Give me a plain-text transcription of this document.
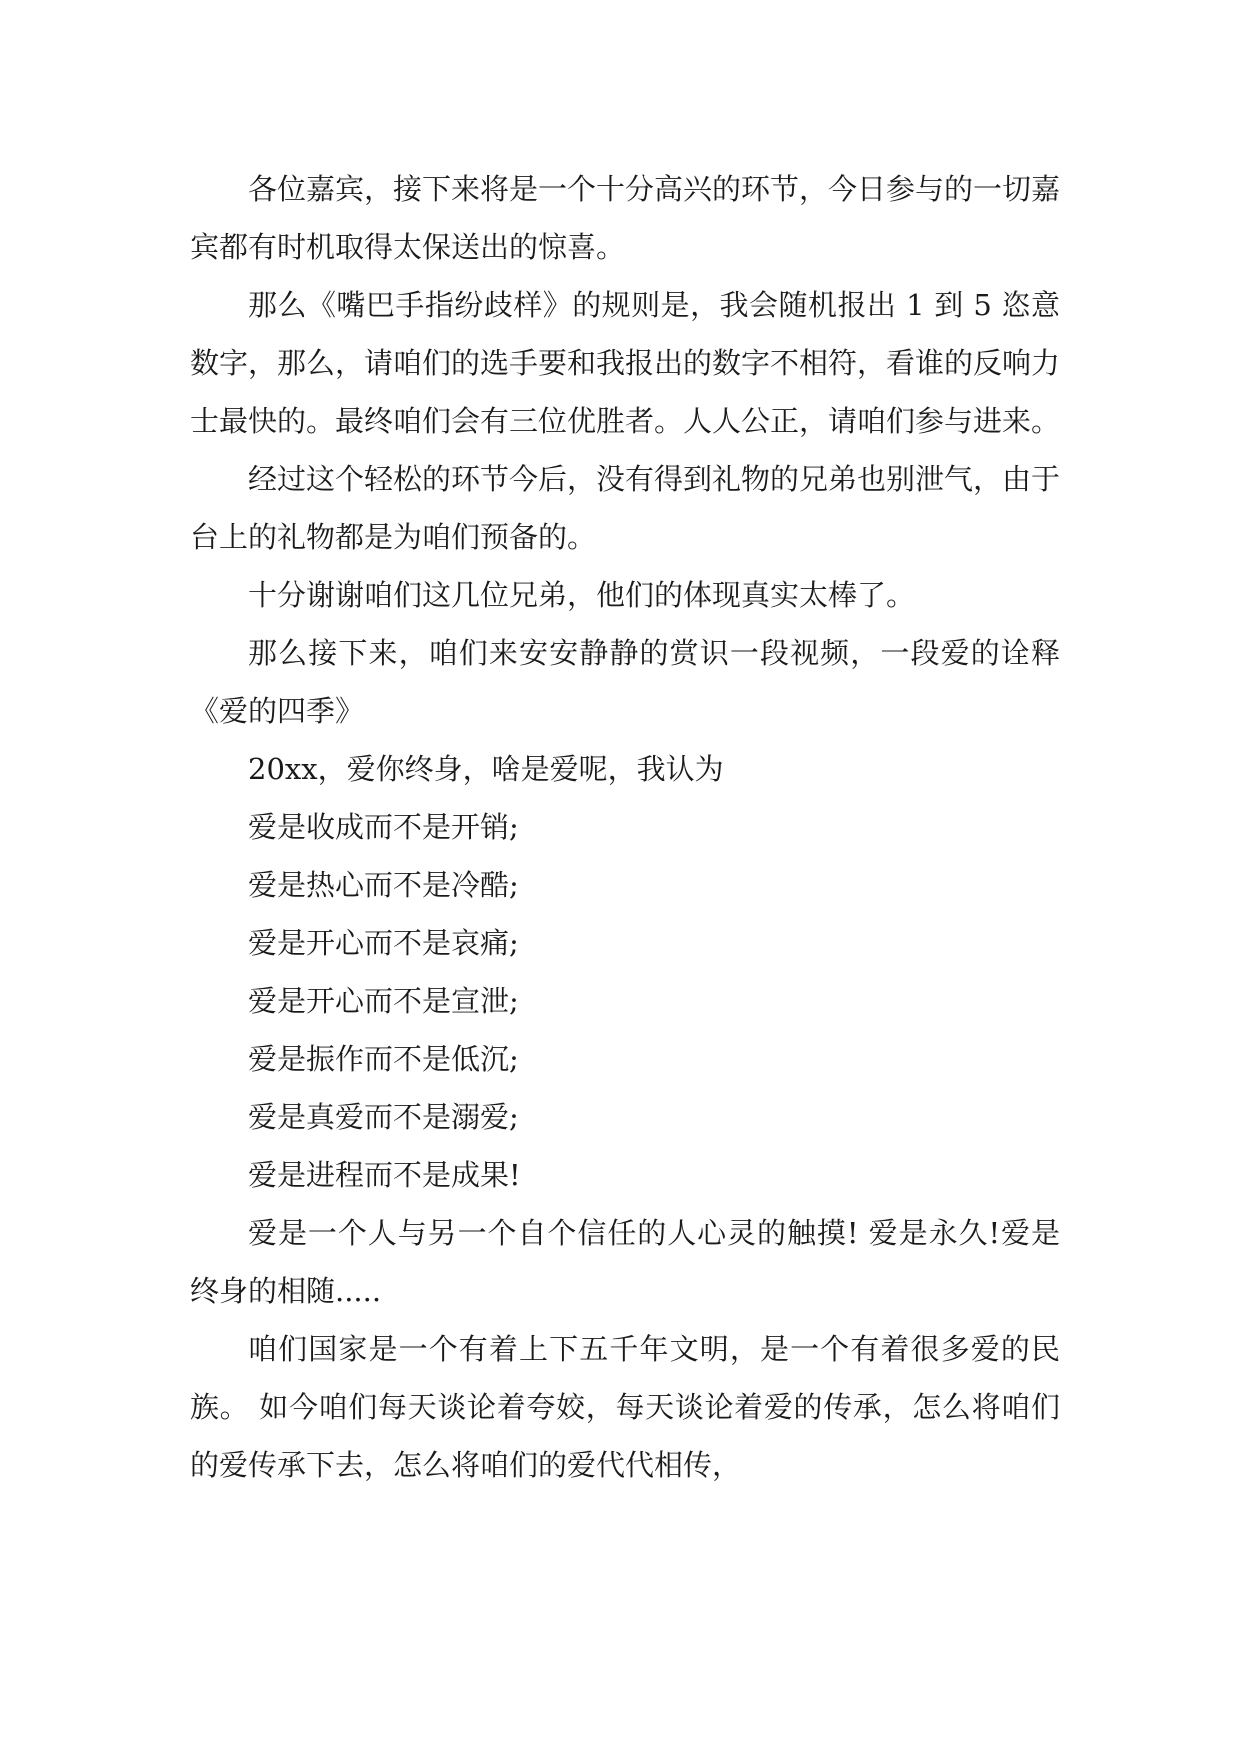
各位嘉宾，接下来将是一个十分高兴的环节，今日参与的一切嘉宾都有时机取得太保送出的惊喜。

那么《嘴巴手指纷歧样》的规则是，我会随机报出 1 到 5 恣意数字，那么，请咱们的选手要和我报出的数字不相符，看谁的反响力士最快的。最终咱们会有三位优胜者。人人公正，请咱们参与进来。

经过这个轻松的环节今后，没有得到礼物的兄弟也别泄气，由于台上的礼物都是为咱们预备的。

十分谢谢咱们这几位兄弟，他们的体现真实太棒了。

那么接下来，咱们来安安静静的赏识一段视频，一段爱的诠释《爱的四季》

20xx，爱你终身，啥是爱呢，我认为

爱是收成而不是开销;

爱是热心而不是冷酷;

爱是开心而不是哀痛;

爱是开心而不是宣泄;

爱是振作而不是低沉;

爱是真爱而不是溺爱;

爱是进程而不是成果!

爱是一个人与另一个自个信任的人心灵的触摸! 爱是永久!爱是终身的相随.....

咱们国家是一个有着上下五千年文明，是一个有着很多爱的民族。 如今咱们每天谈论着夸姣，每天谈论着爱的传承，怎么将咱们的爱传承下去，怎么将咱们的爱代代相传，
